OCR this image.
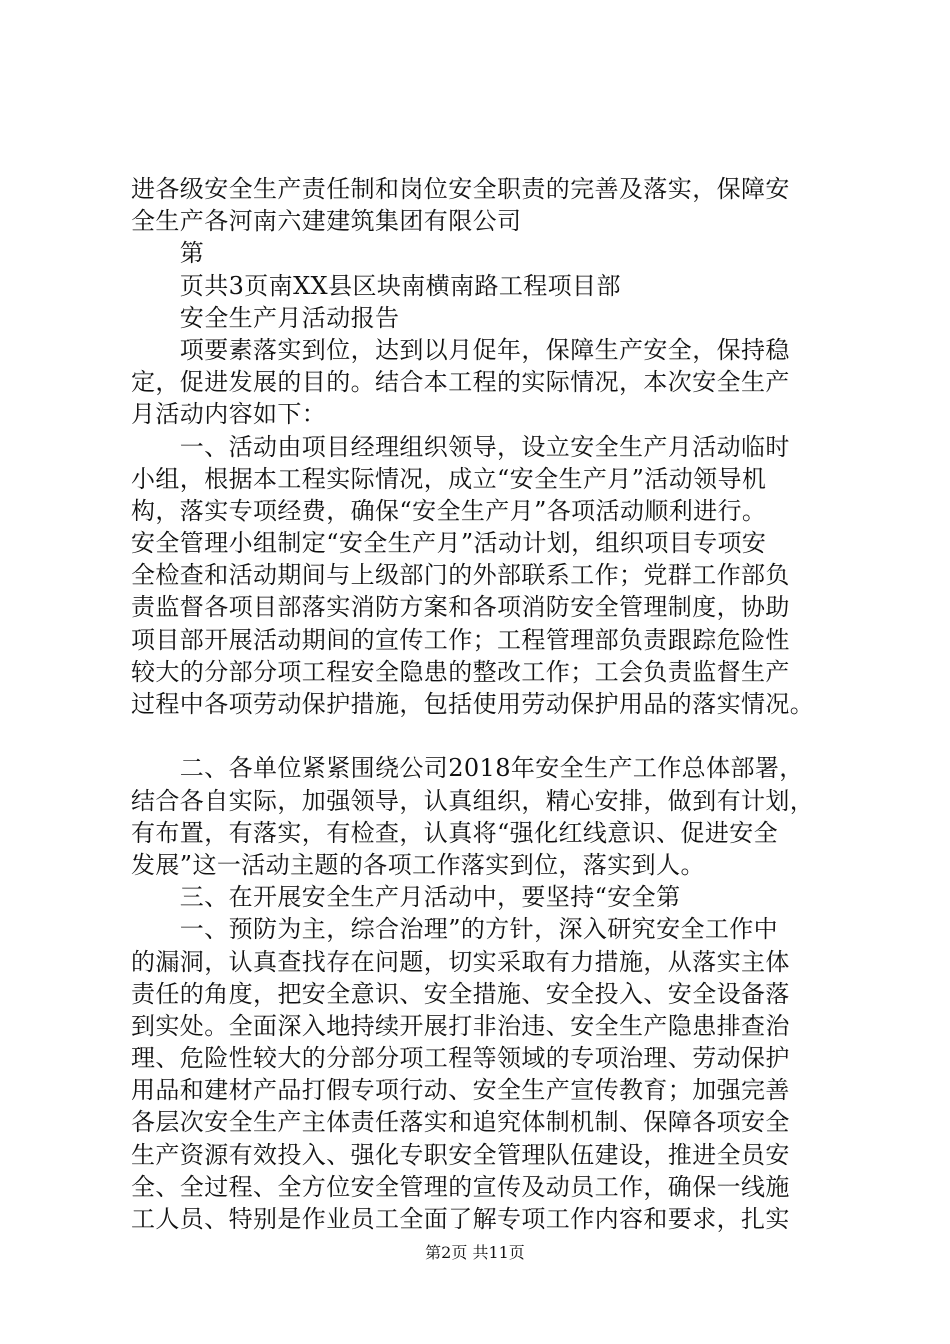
进各级安全生产责任制和岗位安全职责的完善及落实，保障安
全生产各河南六建建筑集团有限公司
　　第
　　页共3页南XX县区块南横南路工程项目部
　　安全生产月活动报告
　　项要素落实到位，达到以月促年，保障生产安全，保持稳
定，促进发展的目的。结合本工程的实际情况，本次安全生产
月活动内容如下：
　　一、活动由项目经理组织领导，设立安全生产月活动临时
小组，根据本工程实际情况，成立“安全生产月”活动领导机
构，落实专项经费，确保“安全生产月”各项活动顺利进行。
安全管理小组制定“安全生产月”活动计划，组织项目专项安
全检查和活动期间与上级部门的外部联系工作；党群工作部负
责监督各项目部落实消防方案和各项消防安全管理制度，协助
项目部开展活动期间的宣传工作；工程管理部负责跟踪危险性
较大的分部分项工程安全隐患的整改工作；工会负责监督生产
过程中各项劳动保护措施，包括使用劳动保护用品的落实情况。
　　二、各单位紧紧围绕公司2018年安全生产工作总体部署，
结合各自实际，加强领导，认真组织，精心安排，做到有计划，
有布置，有落实，有检查，认真将“强化红线意识、促进安全
发展”这一活动主题的各项工作落实到位，落实到人。
　　三、在开展安全生产月活动中，要坚持“安全第
　　一、预防为主，综合治理”的方针，深入研究安全工作中
的漏洞，认真查找存在问题，切实采取有力措施，从落实主体
责任的角度，把安全意识、安全措施、安全投入、安全设备落
到实处。全面深入地持续开展打非治违、安全生产隐患排查治
理、危险性较大的分部分项工程等领域的专项治理、劳动保护
用品和建材产品打假专项行动、安全生产宣传教育；加强完善
各层次安全生产主体责任落实和追究体制机制、保障各项安全
生产资源有效投入、强化专职安全管理队伍建设，推进全员安
全、全过程、全方位安全管理的宣传及动员工作，确保一线施
工人员、特别是作业员工全面了解专项工作内容和要求，扎实
第2页 共11页
